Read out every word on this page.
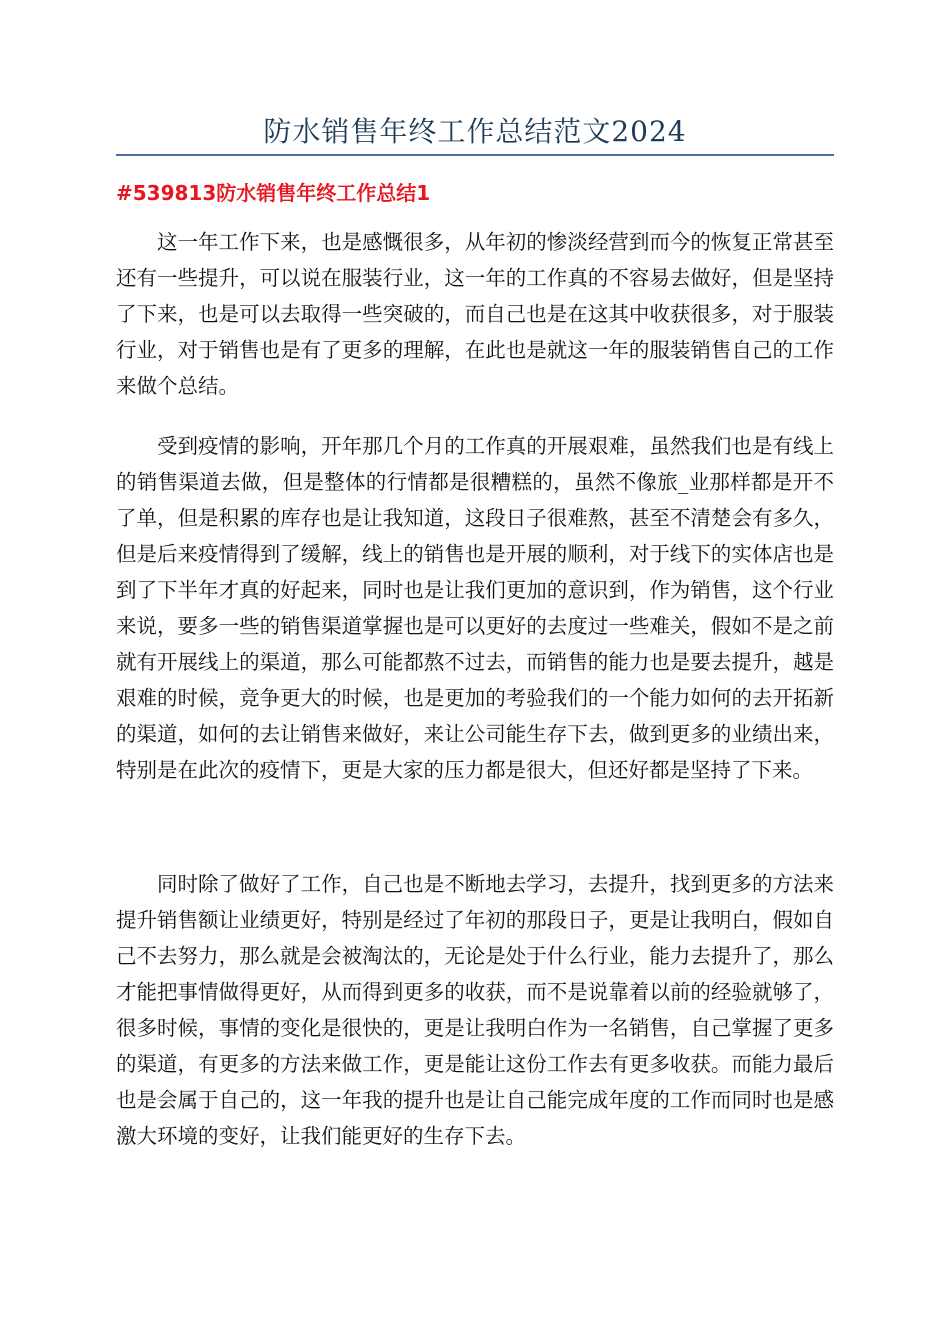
防水销售年终工作总结范文2024
#539813防水销售年终工作总结1

这一年工作下来，也是感慨很多，从年初的惨淡经营到而今的恢复正常甚至还有一些提升，可以说在服装行业，这一年的工作真的不容易去做好，但是坚持了下来，也是可以去取得一些突破的，而自己也是在这其中收获很多，对于服装行业，对于销售也是有了更多的理解，在此也是就这一年的服装销售自己的工作来做个总结。

受到疫情的影响，开年那几个月的工作真的开展艰难，虽然我们也是有线上的销售渠道去做，但是整体的行情都是很糟糕的，虽然不像旅_业那样都是开不了单，但是积累的库存也是让我知道，这段日子很难熬，甚至不清楚会有多久，但是后来疫情得到了缓解，线上的销售也是开展的顺利，对于线下的实体店也是到了下半年才真的好起来，同时也是让我们更加的意识到，作为销售，这个行业来说，要多一些的销售渠道掌握也是可以更好的去度过一些难关，假如不是之前就有开展线上的渠道，那么可能都熬不过去，而销售的能力也是要去提升，越是艰难的时候，竞争更大的时候，也是更加的考验我们的一个能力如何的去开拓新的渠道，如何的去让销售来做好，来让公司能生存下去，做到更多的业绩出来，特别是在此次的疫情下，更是大家的压力都是很大，但还好都是坚持了下来。

同时除了做好了工作，自己也是不断地去学习，去提升，找到更多的方法来提升销售额让业绩更好，特别是经过了年初的那段日子，更是让我明白，假如自己不去努力，那么就是会被淘汰的，无论是处于什么行业，能力去提升了，那么才能把事情做得更好，从而得到更多的收获，而不是说靠着以前的经验就够了，很多时候，事情的变化是很快的，更是让我明白作为一名销售，自己掌握了更多的渠道，有更多的方法来做工作，更是能让这份工作去有更多收获。而能力最后也是会属于自己的，这一年我的提升也是让自己能完成年度的工作而同时也是感激大环境的变好，让我们能更好的生存下去。
